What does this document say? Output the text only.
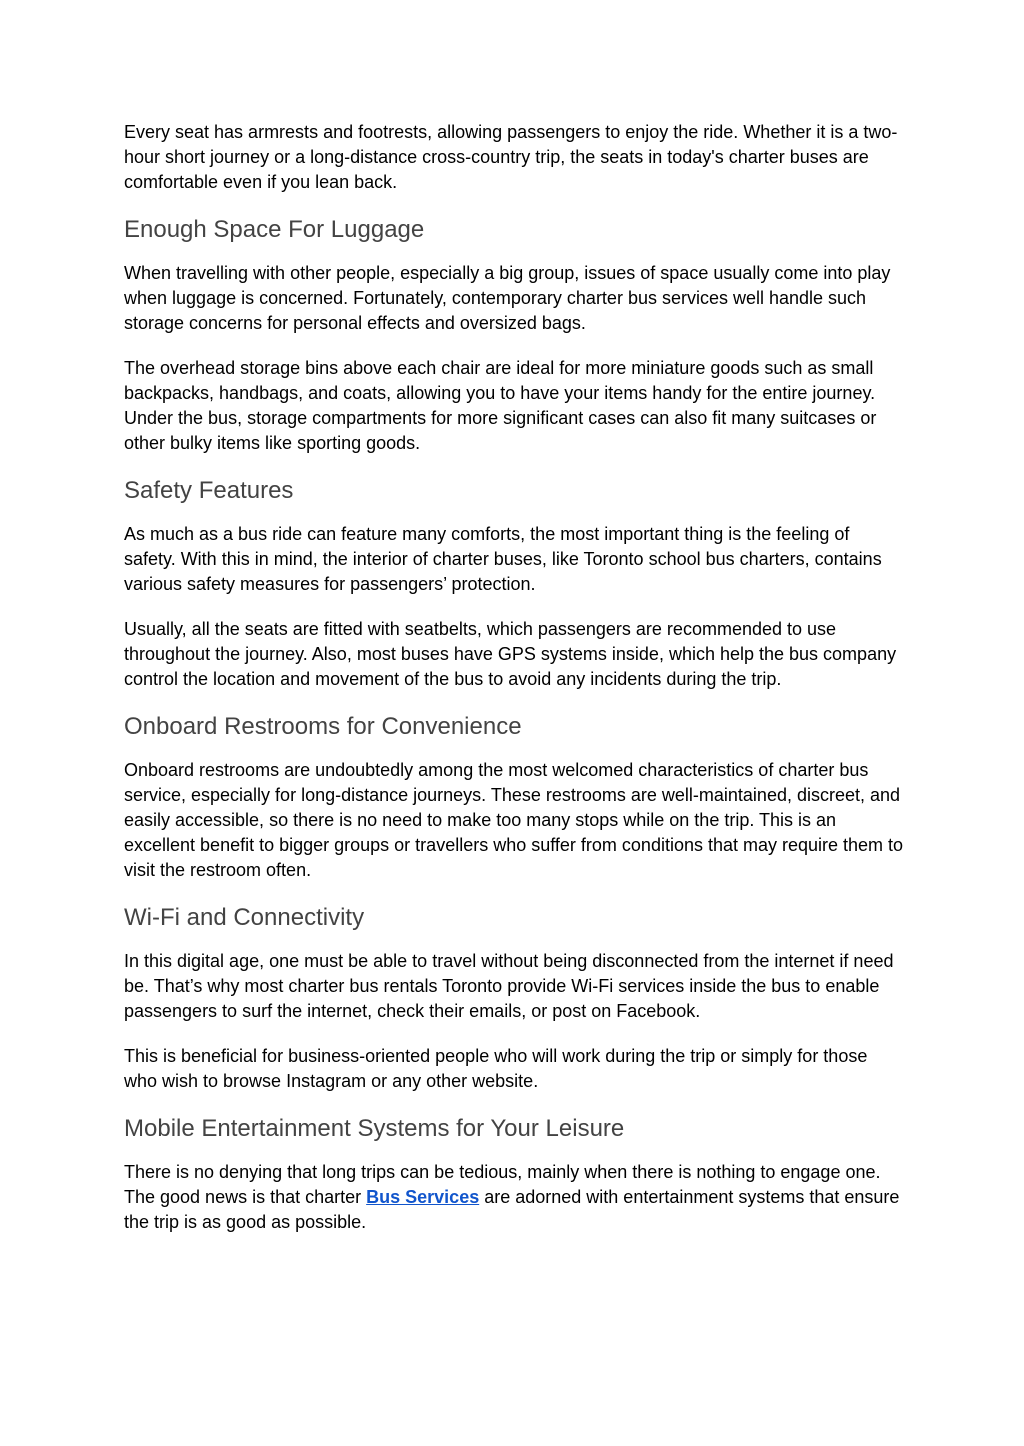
Every seat has armrests and footrests, allowing passengers to enjoy the ride. Whether it is a two-hour short journey or a long-distance cross-country trip, the seats in today's charter buses are comfortable even if you lean back.

Enough Space For Luggage

When travelling with other people, especially a big group, issues of space usually come into play when luggage is concerned. Fortunately, contemporary charter bus services well handle such storage concerns for personal effects and oversized bags.

The overhead storage bins above each chair are ideal for more miniature goods such as small backpacks, handbags, and coats, allowing you to have your items handy for the entire journey. Under the bus, storage compartments for more significant cases can also fit many suitcases or other bulky items like sporting goods.

Safety Features

As much as a bus ride can feature many comforts, the most important thing is the feeling of safety. With this in mind, the interior of charter buses, like Toronto school bus charters, contains various safety measures for passengers’ protection.

Usually, all the seats are fitted with seatbelts, which passengers are recommended to use throughout the journey. Also, most buses have GPS systems inside, which help the bus company control the location and movement of the bus to avoid any incidents during the trip.

Onboard Restrooms for Convenience

Onboard restrooms are undoubtedly among the most welcomed characteristics of charter bus service, especially for long-distance journeys. These restrooms are well-maintained, discreet, and easily accessible, so there is no need to make too many stops while on the trip. This is an excellent benefit to bigger groups or travellers who suffer from conditions that may require them to visit the restroom often.

Wi-Fi and Connectivity

In this digital age, one must be able to travel without being disconnected from the internet if need be. That’s why most charter bus rentals Toronto provide Wi-Fi services inside the bus to enable passengers to surf the internet, check their emails, or post on Facebook.

This is beneficial for business-oriented people who will work during the trip or simply for those who wish to browse Instagram or any other website.

Mobile Entertainment Systems for Your Leisure

There is no denying that long trips can be tedious, mainly when there is nothing to engage one. The good news is that charter Bus Services are adorned with entertainment systems that ensure the trip is as good as possible.
